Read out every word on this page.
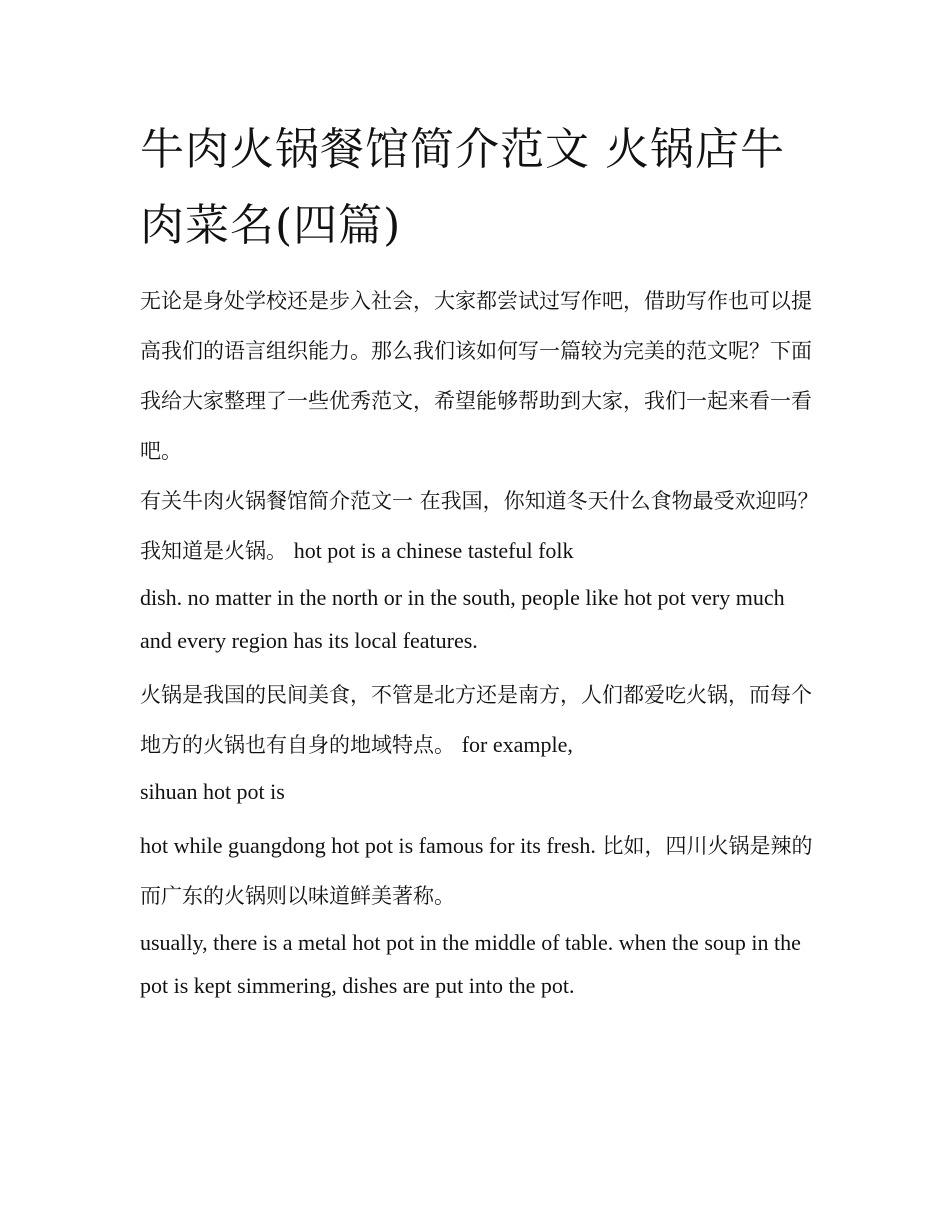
牛肉火锅餐馆简介范文 火锅店牛肉菜名(四篇)

无论是身处学校还是步入社会，大家都尝试过写作吧，借助写作也可以提高我们的语言组织能力。那么我们该如何写一篇较为完美的范文呢？下面我给大家整理了一些优秀范文，希望能够帮助到大家，我们一起来看一看吧。

有关牛肉火锅餐馆简介范文一 在我国，你知道冬天什么食物最受欢迎吗？我知道是火锅。 hot pot is a chinese tasteful folk

dish. no matter in the north or in the south, people like hot pot very much

and every region has its local features.

火锅是我国的民间美食，不管是北方还是南方，人们都爱吃火锅，而每个地方的火锅也有自身的地域特点。 for example,

sihuan hot pot is

hot while guangdong hot pot is famous for its fresh. 比如，四川火锅是辣的而广东的火锅则以味道鲜美著称。

usually, there is a metal hot pot in the middle of table. when the soup in the

pot is kept simmering, dishes are put into the pot.
